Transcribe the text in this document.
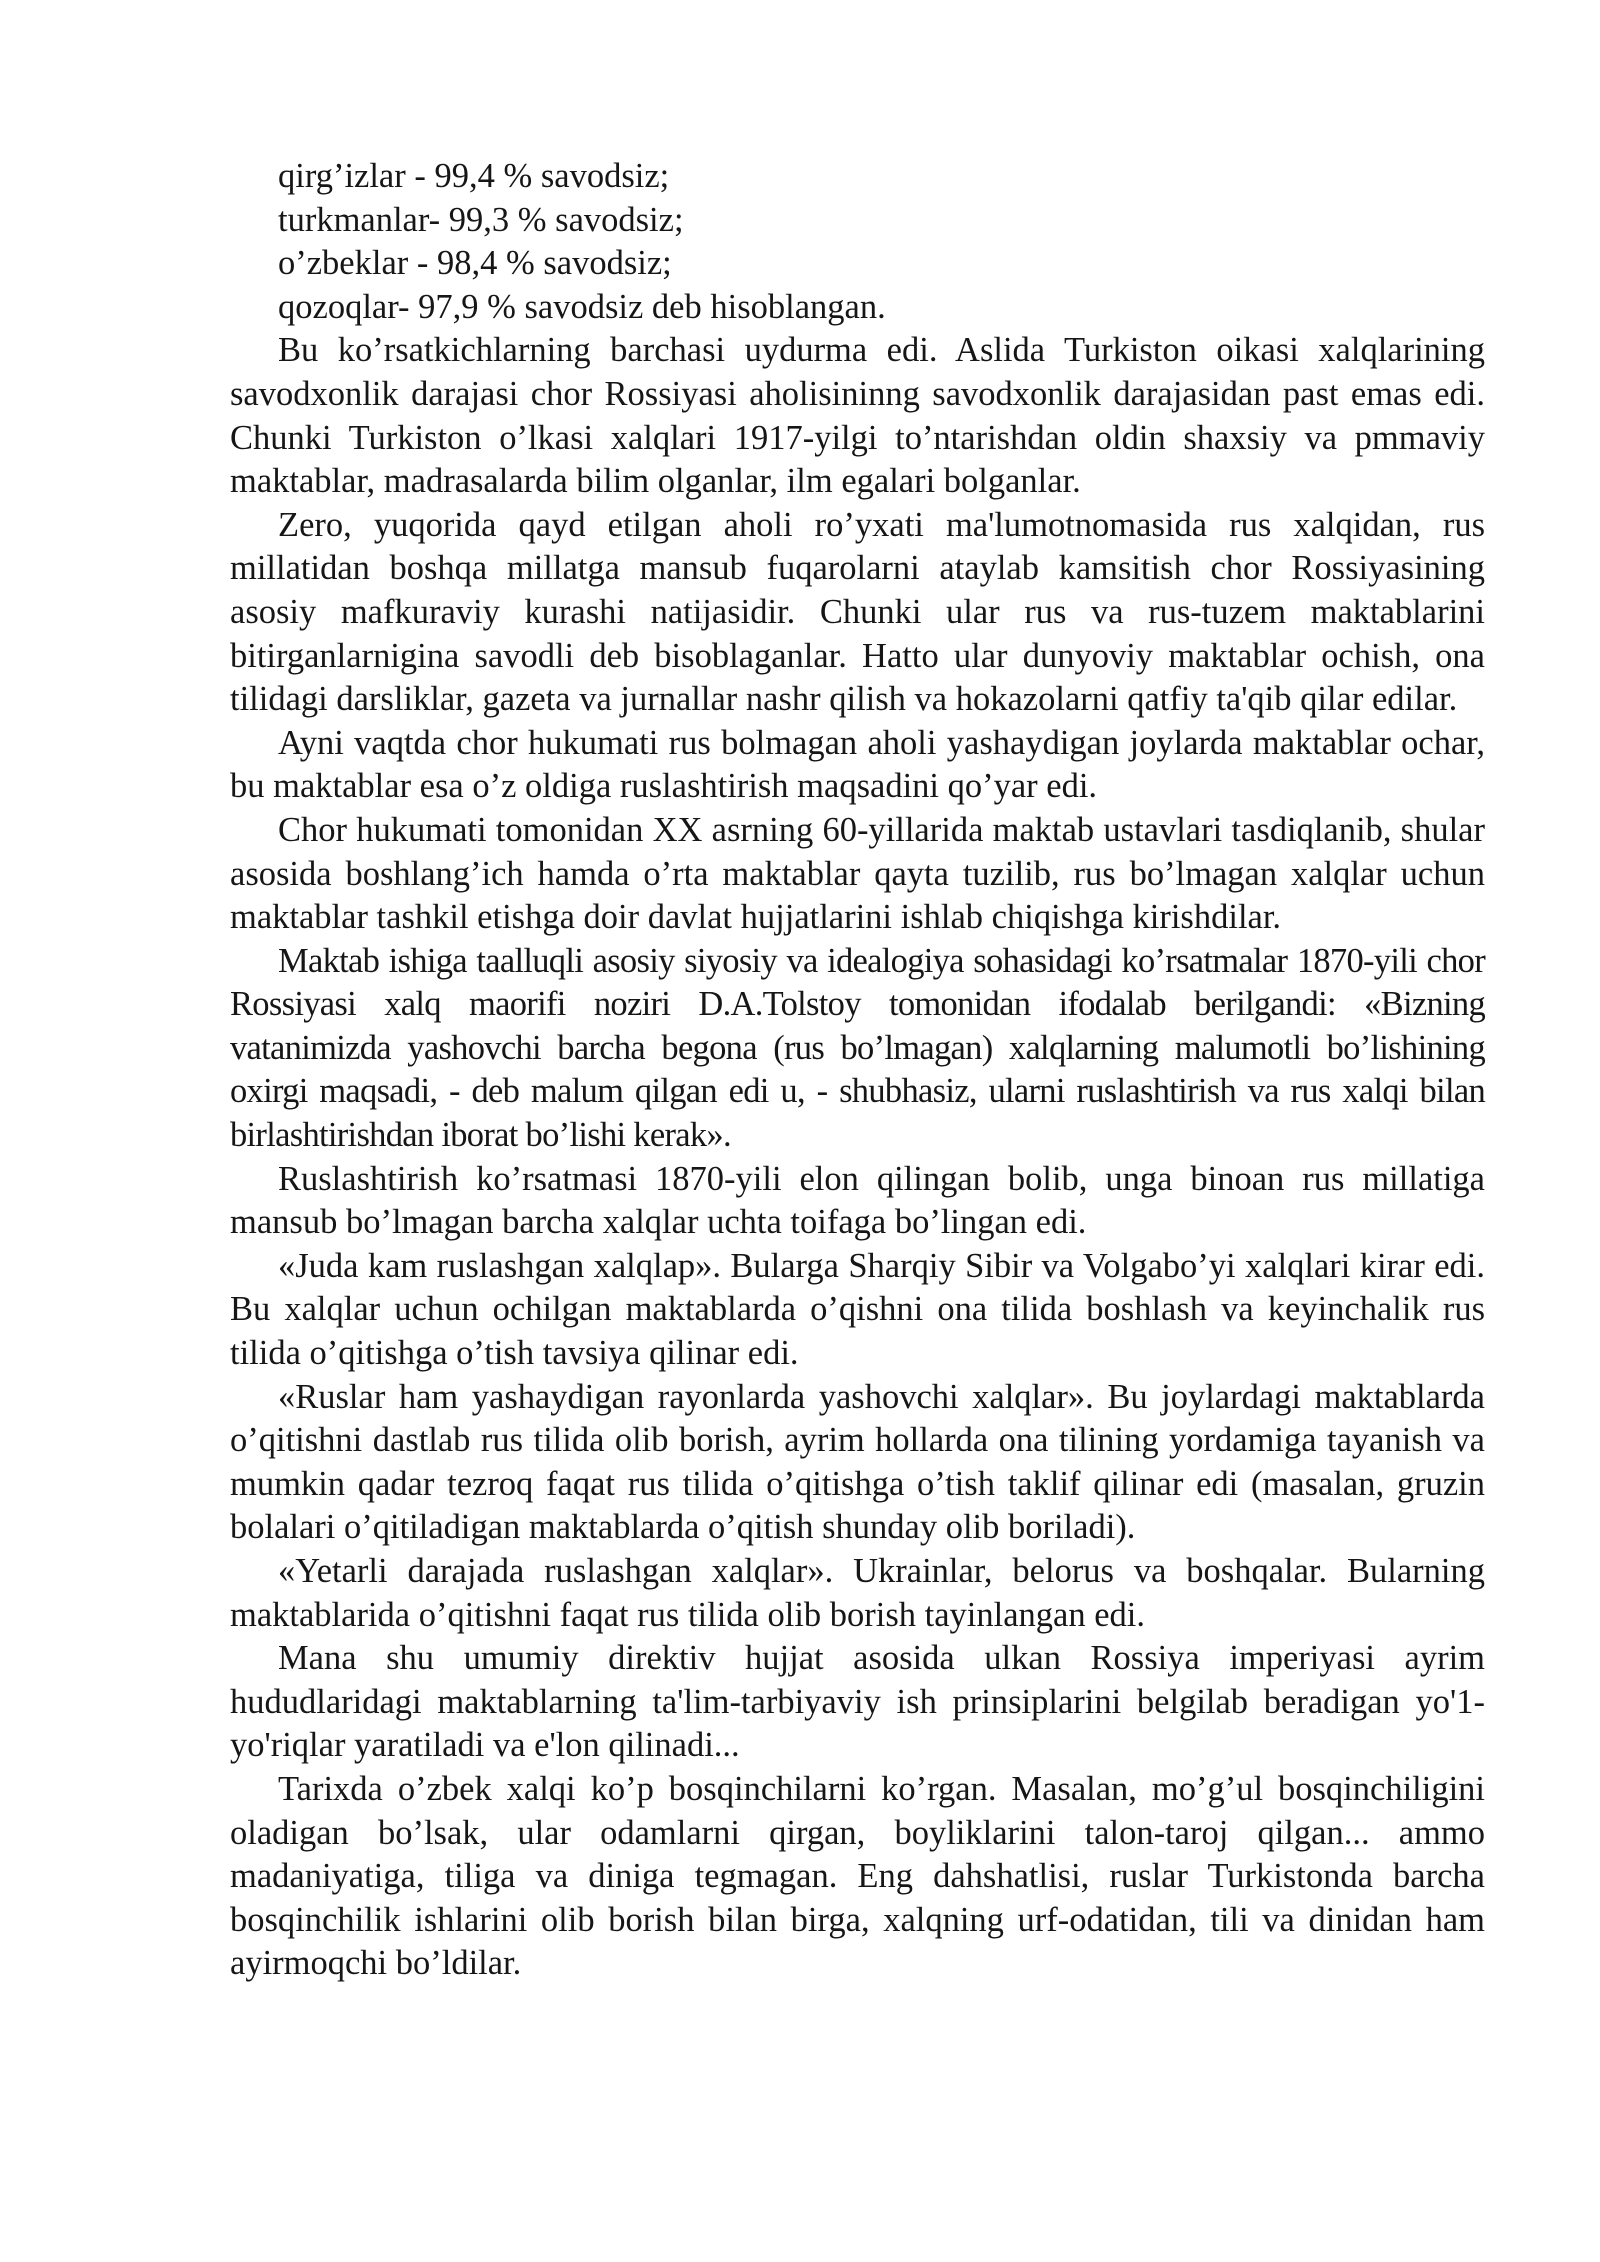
qirg’izlar - 99,4 % savodsiz;

turkmanlar- 99,3 % savodsiz;

o’zbeklar - 98,4 % savodsiz;

qozoqlar- 97,9 % savodsiz deb hisoblangan.

Bu ko’rsatkichlarning barchasi uydurma edi. Aslida Turkiston oikasi xalqlarining savodxonlik darajasi chor Rossiyasi aholisininng savodxonlik darajasidan past emas edi. Chunki Turkiston o’lkasi xalqlari 1917-yilgi to’ntarishdan oldin shaxsiy va pmmaviy maktablar, madrasalarda bilim olganlar, ilm egalari bolganlar.

Zero, yuqorida qayd etilgan aholi ro’yxati ma'lumotnomasida rus xalqidan, rus millatidan boshqa millatga mansub fuqarolarni ataylab kamsitish chor Rossiyasining asosiy mafkuraviy kurashi natijasidir. Chunki ular rus va rus-tuzem maktablarini bitirganlarnigina savodli deb bisoblaganlar. Hatto ular dunyoviy maktablar ochish, ona tilidagi darsliklar, gazeta va jurnallar nashr qilish va hokazolarni qatfiy ta'qib qilar edilar.

Ayni vaqtda chor hukumati rus bolmagan aholi yashaydigan joylarda maktablar ochar, bu maktablar esa o’z oldiga ruslashtirish maqsadini qo’yar edi.

Chor hukumati tomonidan XX asrning 60-yillarida maktab ustavlari tasdiqlanib, shular asosida boshlang’ich hamda o’rta maktablar qayta tuzilib, rus bo’lmagan xalqlar uchun maktablar tashkil etishga doir davlat hujjatlarini ishlab chiqishga kirishdilar.

Maktab ishiga taalluqli asosiy siyosiy va idealogiya sohasidagi ko’rsatmalar 1870-yili chor Rossiyasi xalq maorifi noziri D.A.Tolstoy tomonidan ifodalab berilgandi: «Bizning vatanimizda yashovchi barcha begona (rus bo’lmagan) xalqlarning malumotli bo’lishining oxirgi maqsadi, - deb malum qilgan edi u, - shubhasiz, ularni ruslashtirish va rus xalqi bilan birlashtirishdan iborat bo’lishi kerak».

Ruslashtirish ko’rsatmasi 1870-yili elon qilingan bolib, unga binoan rus millatiga mansub bo’lmagan barcha xalqlar uchta toifaga bo’lingan edi.

«Juda kam ruslashgan xalqlap». Bularga Sharqiy Sibir va Volgabo’yi xalqlari kirar edi. Bu xalqlar uchun ochilgan maktablarda o’qishni ona tilida boshlash va keyinchalik rus tilida o’qitishga o’tish tavsiya qilinar edi.

«Ruslar ham yashaydigan rayonlarda yashovchi xalqlar». Bu joylardagi maktablarda o’qitishni dastlab rus tilida olib borish, ayrim hollarda ona tilining yordamiga tayanish va mumkin qadar tezroq faqat rus tilida o’qitishga o’tish taklif qilinar edi (masalan, gruzin bolalari o’qitiladigan maktablarda o’qitish shunday olib boriladi).

«Yetarli darajada ruslashgan xalqlar». Ukrainlar, belorus va boshqalar. Bularning maktablarida o’qitishni faqat rus tilida olib borish tayinlangan edi.

Mana shu umumiy direktiv hujjat asosida ulkan Rossiya imperiyasi ayrim hududlaridagi maktablarning ta'lim-tarbiyaviy ish prinsiplarini belgilab beradigan yo'1-yo'riqlar yaratiladi va e'lon qilinadi...

Tarixda o’zbek xalqi ko’p bosqinchilarni ko’rgan. Masalan, mo’g’ul bosqinchiligini oladigan bo’lsak, ular odamlarni qirgan, boyliklarini talon-taroj qilgan... ammo madaniyatiga, tiliga va diniga tegmagan. Eng dahshatlisi, ruslar Turkistonda barcha bosqinchilik ishlarini olib borish bilan birga, xalqning urf-odatidan, tili va dinidan ham ayirmoqchi bo’ldilar.
